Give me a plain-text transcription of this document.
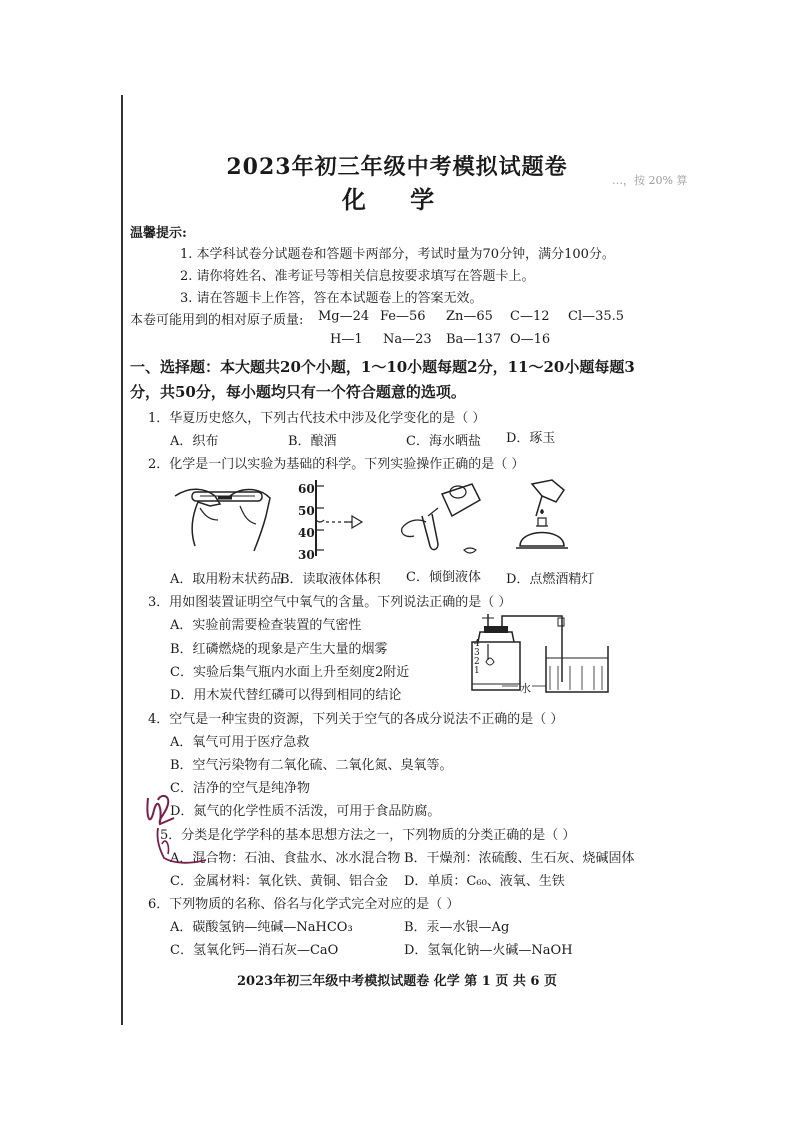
…，按 20% 算
2023年初三年级中考模拟试题卷
化 学
温馨提示:
1. 本学科试卷分试题卷和答题卡两部分，考试时量为70分钟，满分100分。
2. 请你将姓名、准考证号等相关信息按要求填写在答题卡上。
3. 请在答题卡上作答，答在本试题卷上的答案无效。
本卷可能用到的相对原子质量: Mg—24 Fe—56 Zn—65 C—12 Cl—35.5
H—1 Na—23 Ba—137 O—16
一、选择题：本大题共20个小题，1～10小题每题2分，11～20小题每题3
分，共50分，每小题均只有一个符合题意的选项。
1．华夏历史悠久，下列古代技术中涉及化学变化的是（ ）
A．织布	B．酿酒	C．海水晒盐 D．琢玉
2．化学是一门以实验为基础的科学。下列实验操作正确的是（ ）
60
50
40
30
A．取用粉末状药品
B．读取液体体积 C．倾倒液体 D．点燃酒精灯
3．用如图装置证明空气中氧气的含量。下列说法正确的是（ ）
A．实验前需要检查装置的气密性
B．红磷燃烧的现象是产生大量的烟雾
C．实验后集气瓶内水面上升至刻度2附近
D．用木炭代替红磷可以得到相同的结论
4
3
2
1
水
4．空气是一种宝贵的资源，下列关于空气的各成分说法不正确的是（ ）
A．氧气可用于医疗急救
B．空气污染物有二氧化硫、二氧化氮、臭氧等。
C．洁净的空气是纯净物
D．氮气的化学性质不活泼，可用于食品防腐。
5．分类是化学学科的基本思想方法之一，下列物质的分类正确的是（ ）
A．混合物：石油、食盐水、冰水混合物 B．干燥剂：浓硫酸、生石灰、烧碱固体
C．金属材料：氧化铁、黄铜、铝合金 D．单质：C₆₀、液氧、生铁
6．下列物质的名称、俗名与化学式完全对应的是（ ）
A．碳酸氢钠—纯碱—NaHCO₃	B．汞—水银—Ag
C．氢氧化钙—消石灰—CaO	D．氢氧化钠—火碱—NaOH
2023年初三年级中考模拟试题卷 化学 第 1 页 共 6 页
